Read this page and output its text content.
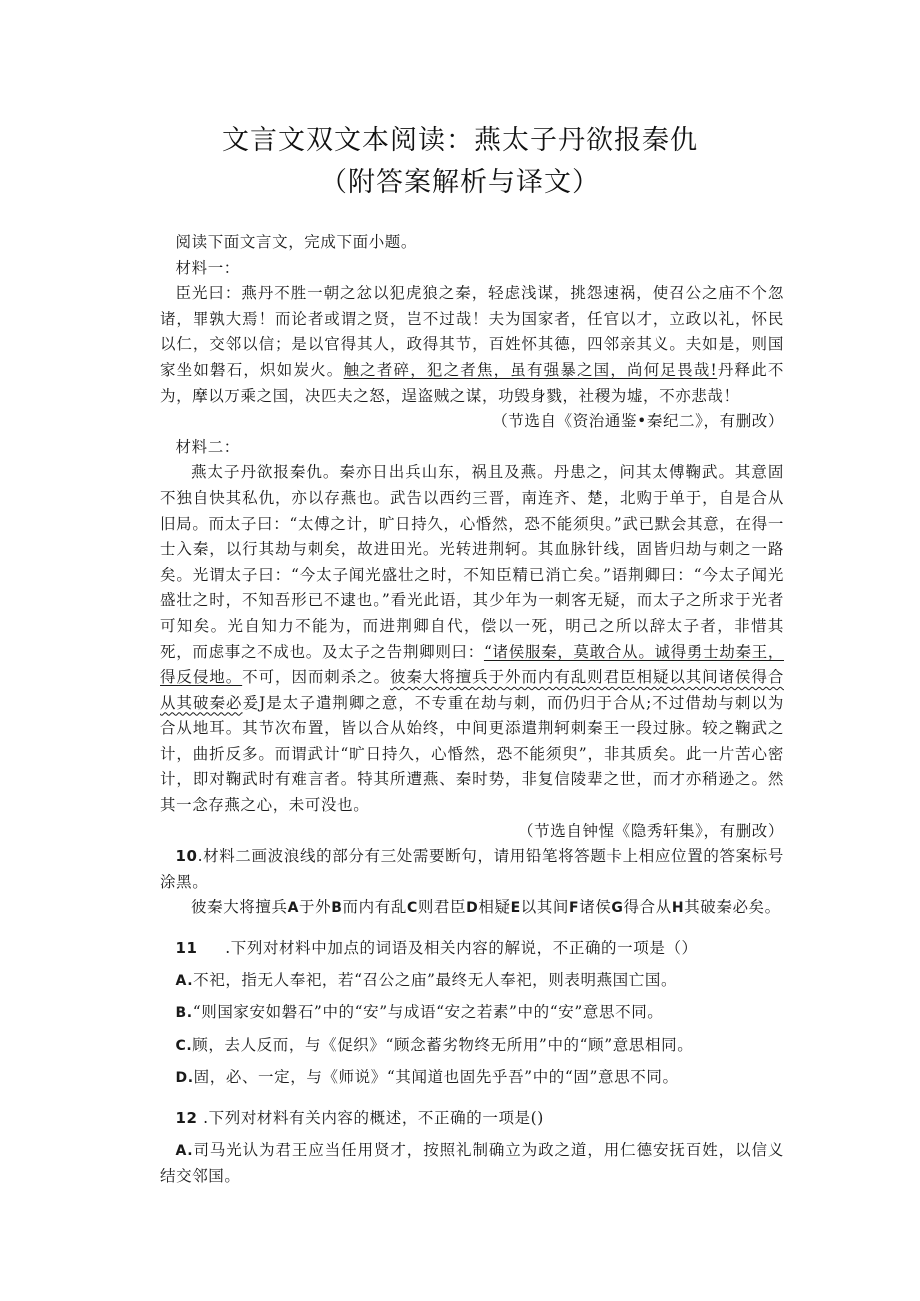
文言文双文本阅读：燕太子丹欲报秦仇
（附答案解析与译文）

阅读下面文言文，完成下面小题。

材料一：

臣光曰：燕丹不胜一朝之忿以犯虎狼之秦，轻虑浅谋，挑怨速祸，使召公之庙不个忽诸，罪孰大焉！而论者或谓之贤，岂不过哉！夫为国家者，任官以才，立政以礼，怀民以仁，交邻以信；是以官得其人，政得其节，百姓怀其德，四邻亲其义。夫如是，则国家坐如磐石，炽如炭火。触之者碎，犯之者焦，虽有强暴之国，尚何足畏哉!丹释此不为，摩以万乘之国，决匹夫之怒，逞盗贼之谋，功毁身戮，社稷为墟，不亦悲哉！

（节选自《资治通鉴•秦纪二》，有删改）

材料二：

燕太子丹欲报秦仇。秦亦日出兵山东，祸且及燕。丹患之，问其太傅鞠武。其意固不独自快其私仇，亦以存燕也。武告以西约三晋，南连齐、楚，北购于单于，自是合从旧局。而太子曰：“太傅之计，旷日持久，心惛然，恐不能须臾。”武已默会其意，在得一士入秦，以行其劫与刺矣，故进田光。光转进荆轲。其血脉针线，固皆归劫与刺之一路矣。光谓太子曰：“今太子闻光盛壮之时，不知臣精已消亡矣。”语荆卿曰：“今太子闻光盛壮之时，不知吾形已不逮也。”看光此语，其少年为一刺客无疑，而太子之所求于光者可知矣。光自知力不能为，而进荆卿自代，偿以一死，明己之所以辞太子者，非惜其死，而虑事之不成也。及太子之告荆卿则曰：“诸侯服秦，莫敢合从。诚得勇士劫秦王，得反侵地。不可，因而刺杀之。彼秦大将擅兵于外而内有乱则君臣相疑以其间诸侯得合从其破秦必爰J是太子遣荆卿之意，不专重在劫与刺，而仍归于合从;不过借劫与刺以为合从地耳。其节次布置，皆以合从始终，中间更添遣荆轲刺秦王一段过脉。较之鞠武之计，曲折反多。而谓武计“旷日持久，心惛然，恐不能须臾”，非其质矣。此一片苦心密计，即对鞠武时有难言者。特其所遭燕、秦时势，非复信陵辈之世，而才亦稍逊之。然其一念存燕之心，未可没也。

（节选自钟惺《隐秀轩集》，有删改）

10.材料二画波浪线的部分有三处需要断句，请用铅笔将答题卡上相应位置的答案标号涂黑。

彼秦大将擅兵A于外B而内有乱C则君臣D相疑E以其间F诸侯G得合从H其破秦必矣。

11 .下列对材料中加点的词语及相关内容的解说，不正确的一项是（）

A.不祀，指无人奉祀，若“召公之庙”最终无人奉祀，则表明燕国亡国。

B.“则国家安如磐石”中的“安”与成语“安之若素”中的“安”意思不同。

C.顾，去人反而，与《促织》“顾念蓄劣物终无所用”中的“顾”意思相同。

D.固，必、一定，与《师说》“其闻道也固先乎吾”中的“固”意思不同。

12 .下列对材料有关内容的概述，不正确的一项是()

A.司马光认为君王应当任用贤才，按照礼制确立为政之道，用仁德安抚百姓，以信义结交邻国。
